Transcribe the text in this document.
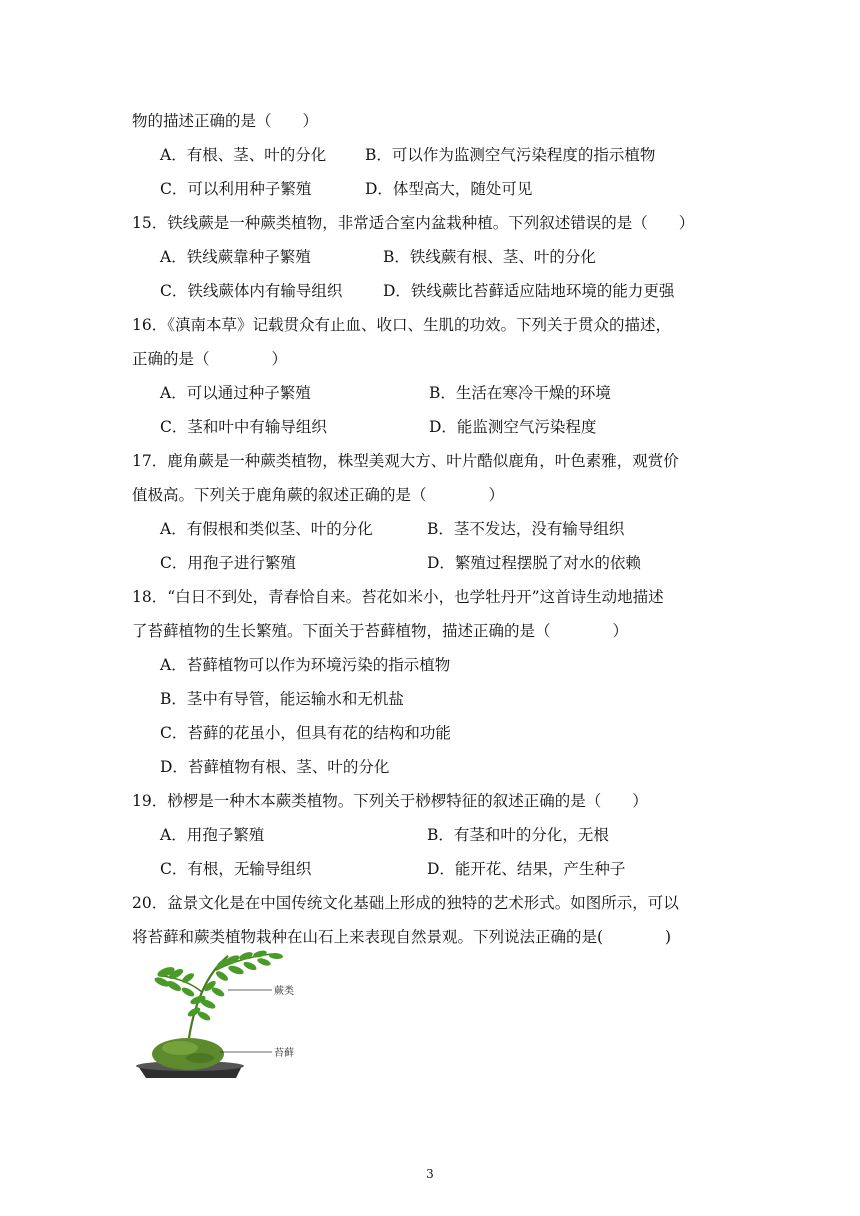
物的描述正确的是（　　）
A．有根、茎、叶的分化	B．可以作为监测空气污染程度的指示植物
C．可以利用种子繁殖	D．体型高大，随处可见
15．铁线蕨是一种蕨类植物，非常适合室内盆栽种植。下列叙述错误的是（　　）
A．铁线蕨靠种子繁殖	B．铁线蕨有根、茎、叶的分化
C．铁线蕨体内有输导组织	D．铁线蕨比苔藓适应陆地环境的能力更强
16．《滇南本草》记载贯众有止血、收口、生肌的功效。下列关于贯众的描述，
正确的是（　　　　）
A．可以通过种子繁殖	B．生活在寒冷干燥的环境
C．茎和叶中有输导组织	D．能监测空气污染程度
17．鹿角蕨是一种蕨类植物，株型美观大方、叶片酷似鹿角，叶色素雅，观赏价
值极高。下列关于鹿角蕨的叙述正确的是（　　　　）
A．有假根和类似茎、叶的分化	B．茎不发达，没有输导组织
C．用孢子进行繁殖	D．繁殖过程摆脱了对水的依赖
18．“白日不到处，青春恰自来。苔花如米小，也学牡丹开”这首诗生动地描述
了苔藓植物的生长繁殖。下面关于苔藓植物，描述正确的是（　　　　）
A．苔藓植物可以作为环境污染的指示植物
B．茎中有导管，能运输水和无机盐
C．苔藓的花虽小，但具有花的结构和功能
D．苔藓植物有根、茎、叶的分化
19．桫椤是一种木本蕨类植物。下列关于桫椤特征的叙述正确的是（　　）
A．用孢子繁殖	B．有茎和叶的分化，无根
C．有根，无输导组织	D．能开花、结果，产生种子
20．盆景文化是在中国传统文化基础上形成的独特的艺术形式。如图所示，可以
将苔藓和蕨类植物栽种在山石上来表现自然景观。下列说法正确的是(　　　　)
蕨类
苔藓
3
